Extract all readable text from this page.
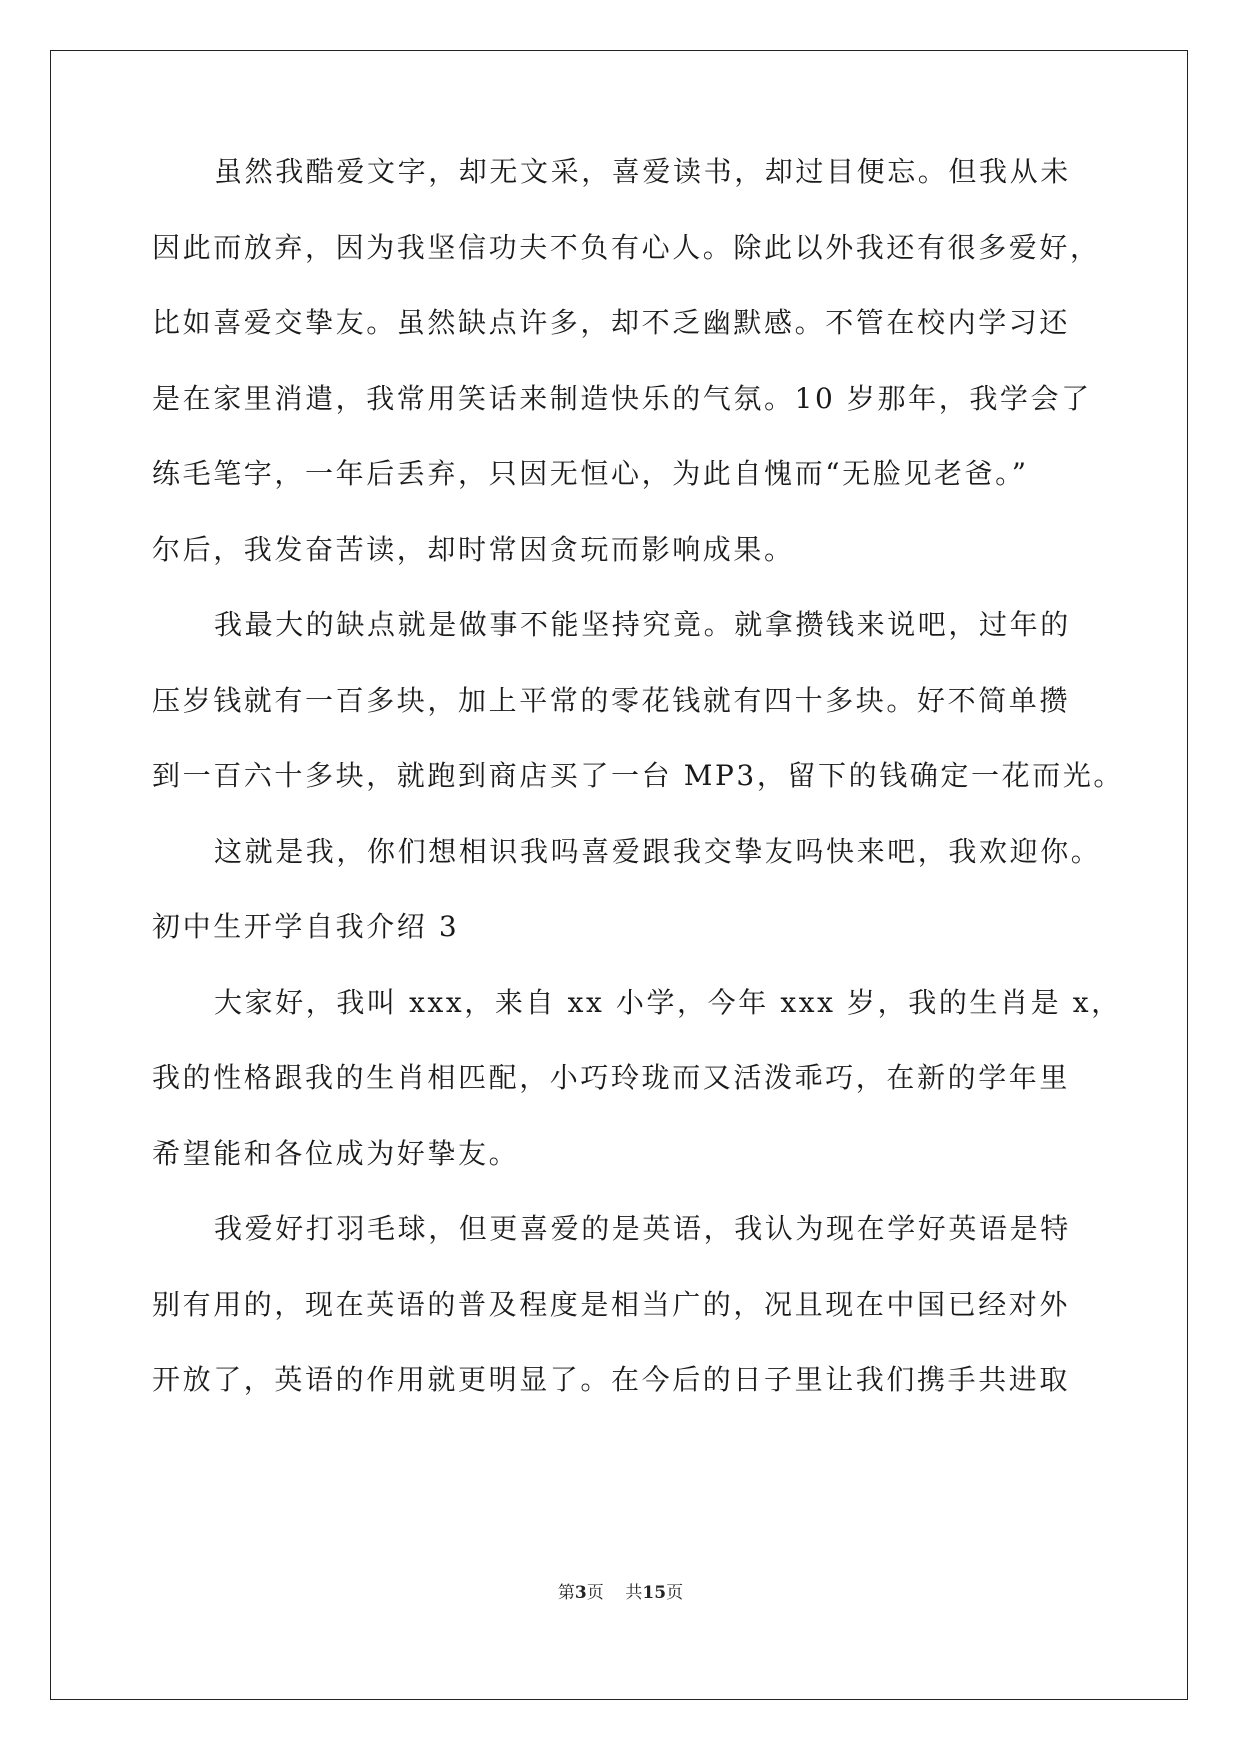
虽然我酷爱文字，却无文采，喜爱读书，却过目便忘。但我从未
因此而放弃，因为我坚信功夫不负有心人。除此以外我还有很多爱好，
比如喜爱交挚友。虽然缺点许多，却不乏幽默感。不管在校内学习还
是在家里消遣，我常用笑话来制造快乐的气氛。10 岁那年，我学会了
练毛笔字，一年后丢弃，只因无恒心，为此自愧而“无脸见老爸。”
尔后，我发奋苦读，却时常因贪玩而影响成果。
我最大的缺点就是做事不能坚持究竟。就拿攒钱来说吧，过年的
压岁钱就有一百多块，加上平常的零花钱就有四十多块。好不简单攒
到一百六十多块，就跑到商店买了一台 MP3，留下的钱确定一花而光。
这就是我，你们想相识我吗喜爱跟我交挚友吗快来吧，我欢迎你。
初中生开学自我介绍 3
大家好，我叫 xxx，来自 xx 小学，今年 xxx 岁，我的生肖是 x，
我的性格跟我的生肖相匹配，小巧玲珑而又活泼乖巧，在新的学年里
希望能和各位成为好挚友。
我爱好打羽毛球，但更喜爱的是英语，我认为现在学好英语是特
别有用的，现在英语的普及程度是相当广的，况且现在中国已经对外
开放了，英语的作用就更明显了。在今后的日子里让我们携手共进取
第3页 共15页
